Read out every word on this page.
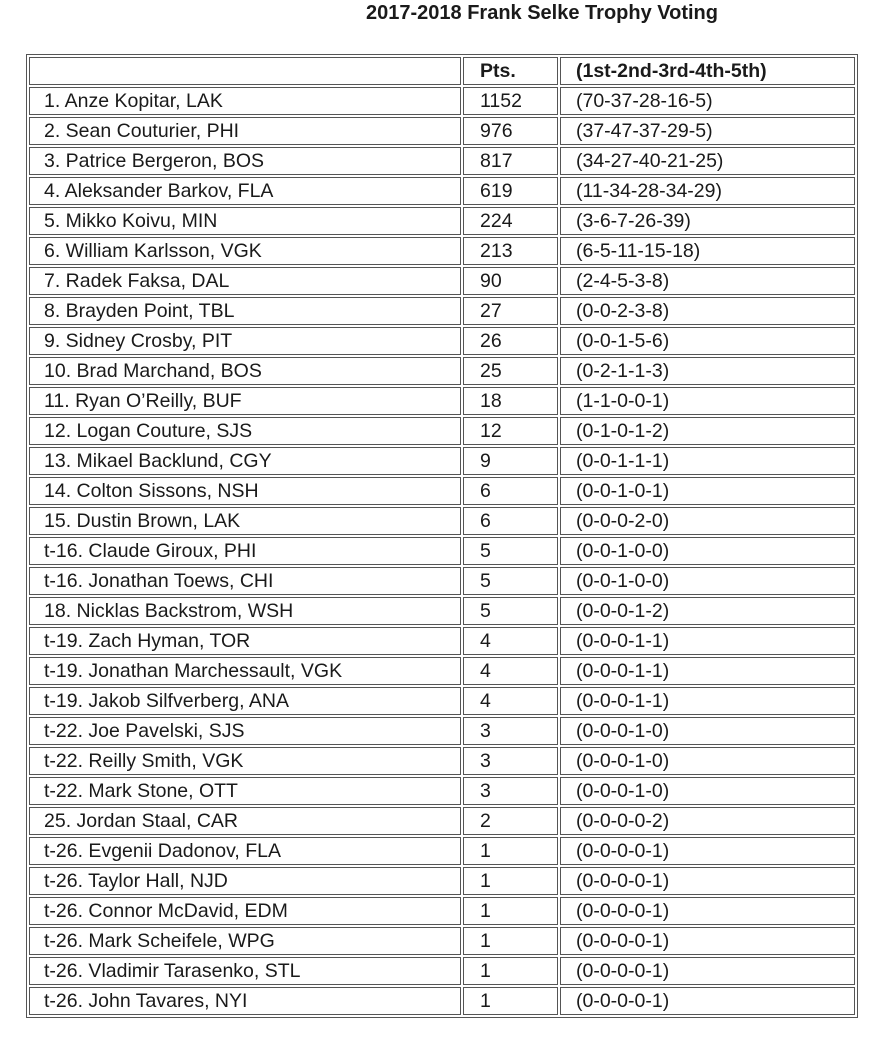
2017-2018 Frank Selke Trophy Voting
	Pts.	(1st-2nd-3rd-4th-5th)
1. Anze Kopitar, LAK	1152	(70-37-28-16-5)
2. Sean Couturier, PHI	976	(37-47-37-29-5)
3. Patrice Bergeron, BOS	817	(34-27-40-21-25)
4. Aleksander Barkov, FLA	619	(11-34-28-34-29)
5. Mikko Koivu, MIN	224	(3-6-7-26-39)
6. William Karlsson, VGK	213	(6-5-11-15-18)
7. Radek Faksa, DAL	90	(2-4-5-3-8)
8. Brayden Point, TBL	27	(0-0-2-3-8)
9. Sidney Crosby, PIT	26	(0-0-1-5-6)
10. Brad Marchand, BOS	25	(0-2-1-1-3)
11. Ryan O’Reilly, BUF	18	(1-1-0-0-1)
12. Logan Couture, SJS	12	(0-1-0-1-2)
13. Mikael Backlund, CGY	9	(0-0-1-1-1)
14. Colton Sissons, NSH	6	(0-0-1-0-1)
15. Dustin Brown, LAK	6	(0-0-0-2-0)
t-16. Claude Giroux, PHI	5	(0-0-1-0-0)
t-16. Jonathan Toews, CHI	5	(0-0-1-0-0)
18. Nicklas Backstrom, WSH	5	(0-0-0-1-2)
t-19. Zach Hyman, TOR	4	(0-0-0-1-1)
t-19. Jonathan Marchessault, VGK	4	(0-0-0-1-1)
t-19. Jakob Silfverberg, ANA	4	(0-0-0-1-1)
t-22. Joe Pavelski, SJS	3	(0-0-0-1-0)
t-22. Reilly Smith, VGK	3	(0-0-0-1-0)
t-22. Mark Stone, OTT	3	(0-0-0-1-0)
25. Jordan Staal, CAR	2	(0-0-0-0-2)
t-26. Evgenii Dadonov, FLA	1	(0-0-0-0-1)
t-26. Taylor Hall, NJD	1	(0-0-0-0-1)
t-26. Connor McDavid, EDM	1	(0-0-0-0-1)
t-26. Mark Scheifele, WPG	1	(0-0-0-0-1)
t-26. Vladimir Tarasenko, STL	1	(0-0-0-0-1)
t-26. John Tavares, NYI	1	(0-0-0-0-1)
